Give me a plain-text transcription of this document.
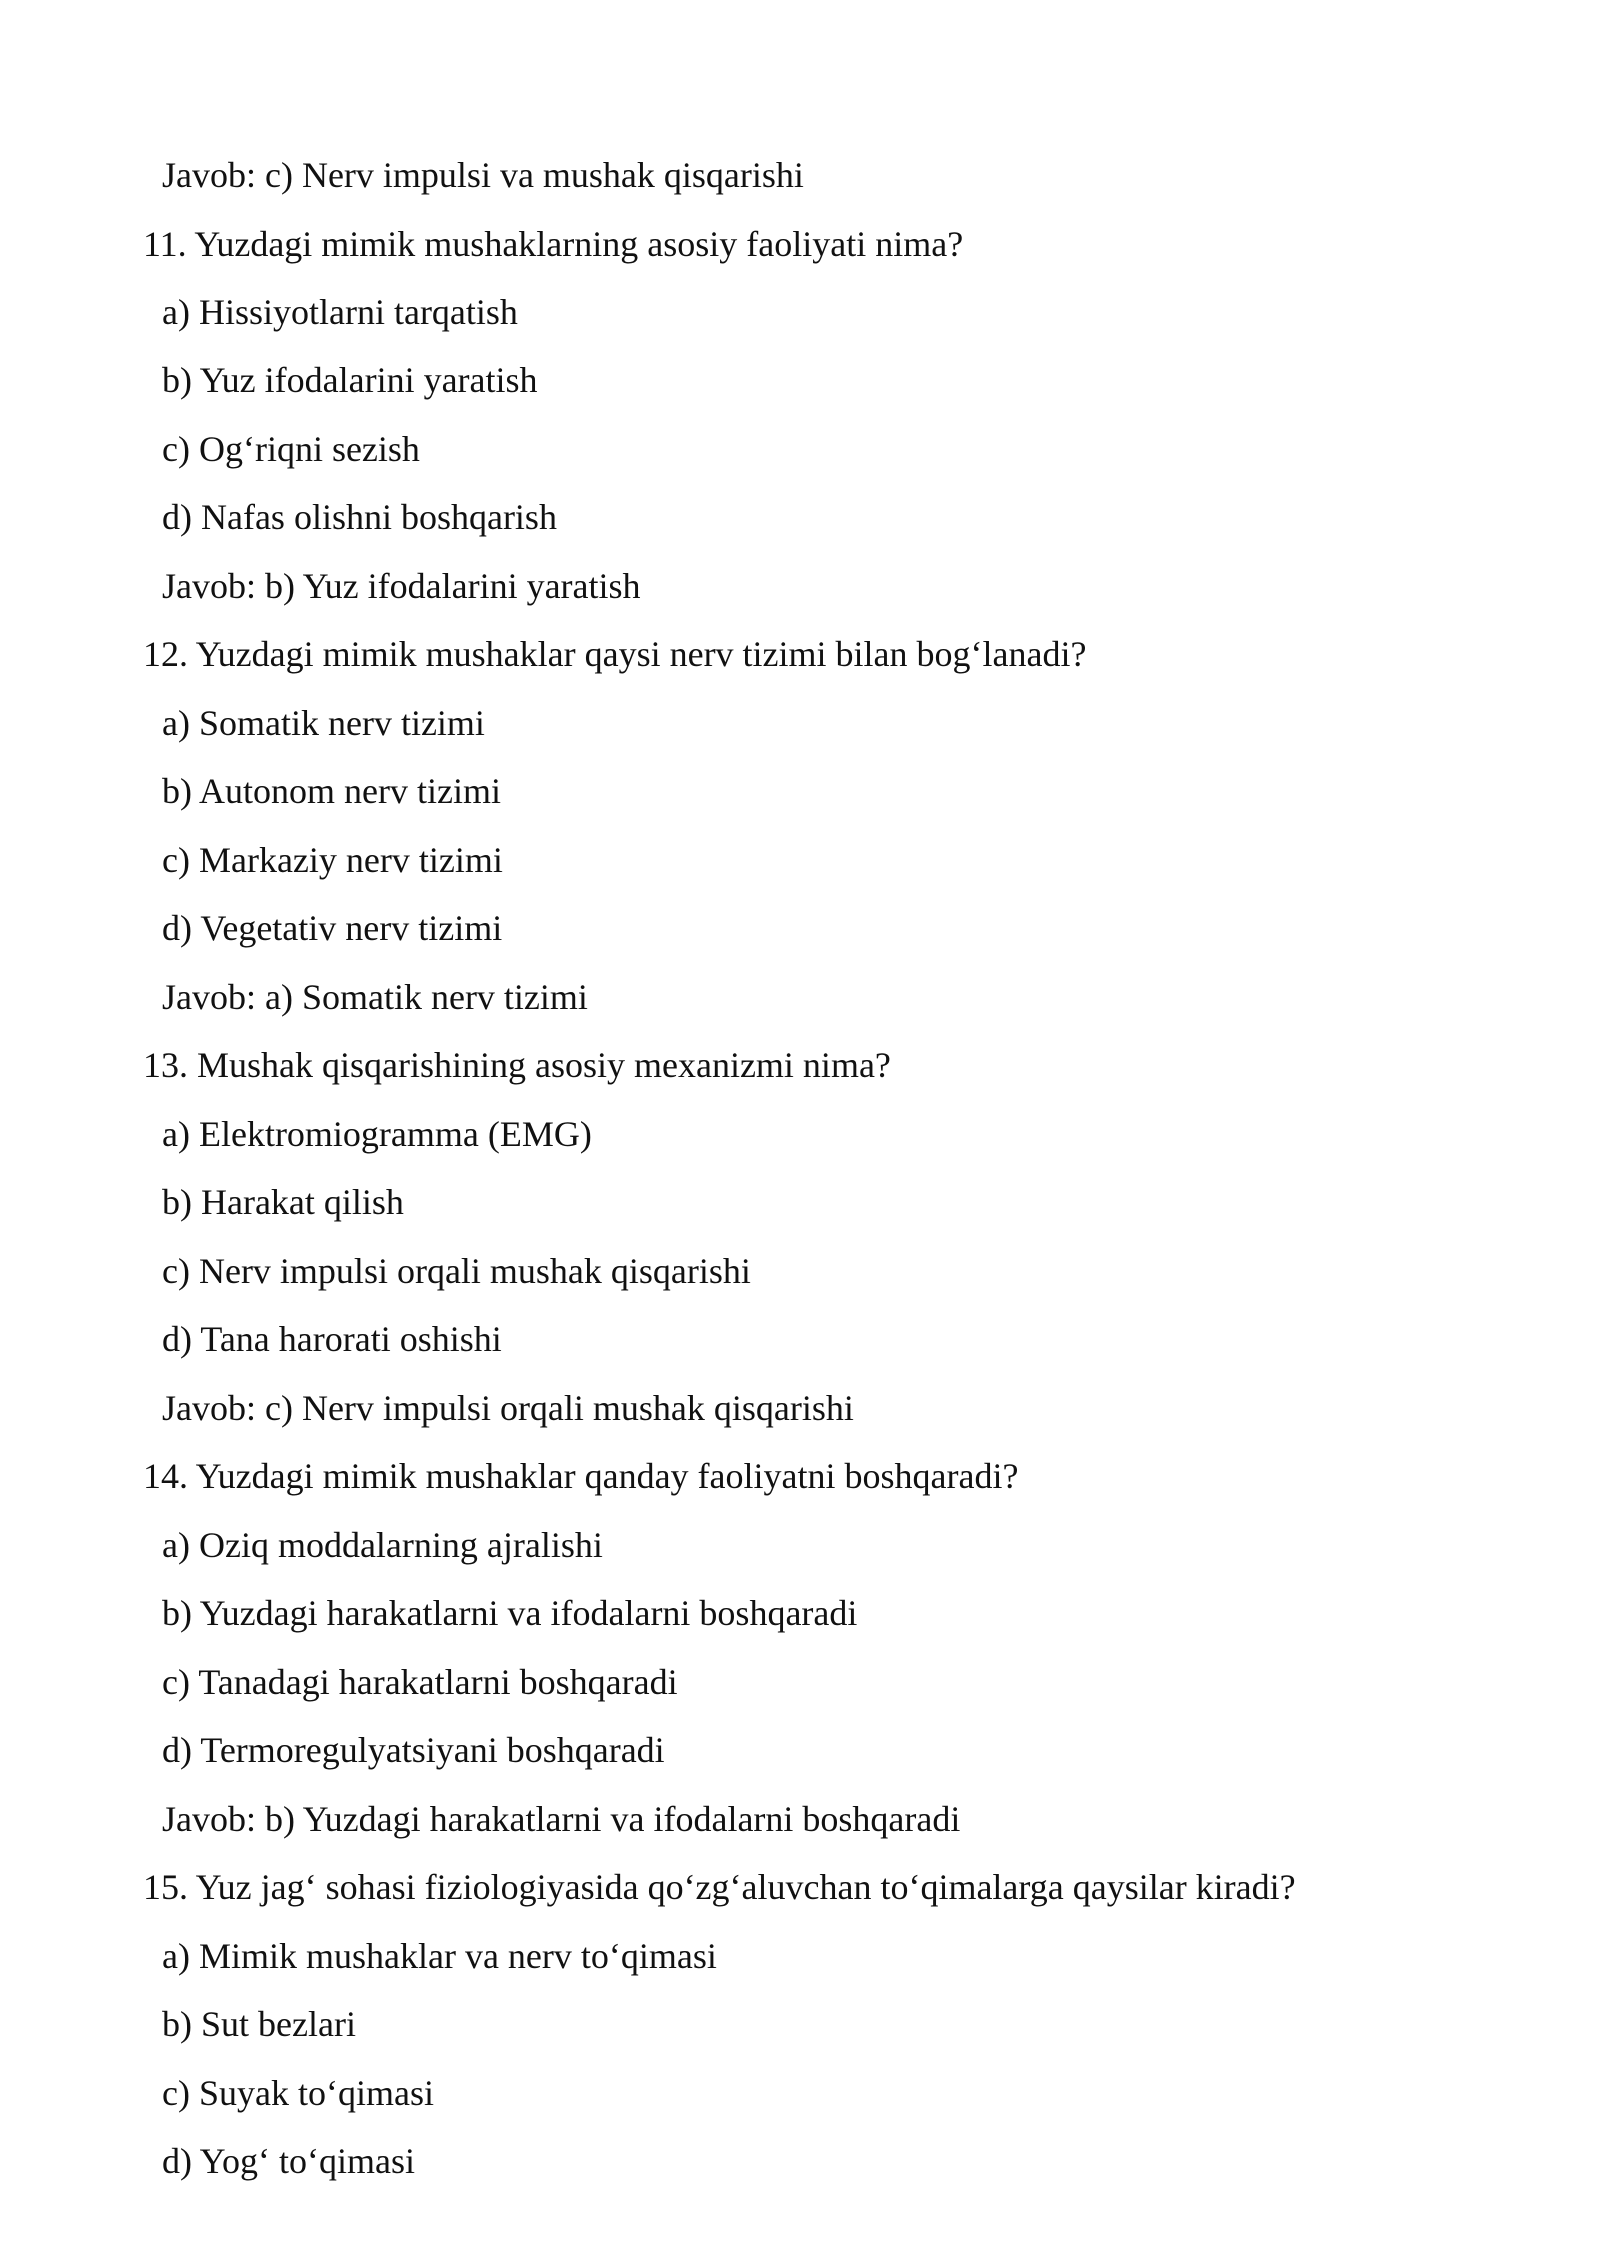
Javob: c) Nerv impulsi va mushak qisqarishi
11. Yuzdagi mimik mushaklarning asosiy faoliyati nima?
a) Hissiyotlarni tarqatish
b) Yuz ifodalarini yaratish
c) Og‘riqni sezish
d) Nafas olishni boshqarish
Javob: b) Yuz ifodalarini yaratish
12. Yuzdagi mimik mushaklar qaysi nerv tizimi bilan bog‘lanadi?
a) Somatik nerv tizimi
b) Autonom nerv tizimi
c) Markaziy nerv tizimi
d) Vegetativ nerv tizimi
Javob: a) Somatik nerv tizimi
13. Mushak qisqarishining asosiy mexanizmi nima?
a) Elektromiogramma (EMG)
b) Harakat qilish
c) Nerv impulsi orqali mushak qisqarishi
d) Tana harorati oshishi
Javob: c) Nerv impulsi orqali mushak qisqarishi
14. Yuzdagi mimik mushaklar qanday faoliyatni boshqaradi?
a) Oziq moddalarning ajralishi
b) Yuzdagi harakatlarni va ifodalarni boshqaradi
c) Tanadagi harakatlarni boshqaradi
d) Termoregulyatsiyani boshqaradi
Javob: b) Yuzdagi harakatlarni va ifodalarni boshqaradi
15. Yuz jag‘ sohasi fiziologiyasida qo‘zg‘aluvchan to‘qimalarga qaysilar kiradi?
a) Mimik mushaklar va nerv to‘qimasi
b) Sut bezlari
c) Suyak to‘qimasi
d) Yog‘ to‘qimasi
